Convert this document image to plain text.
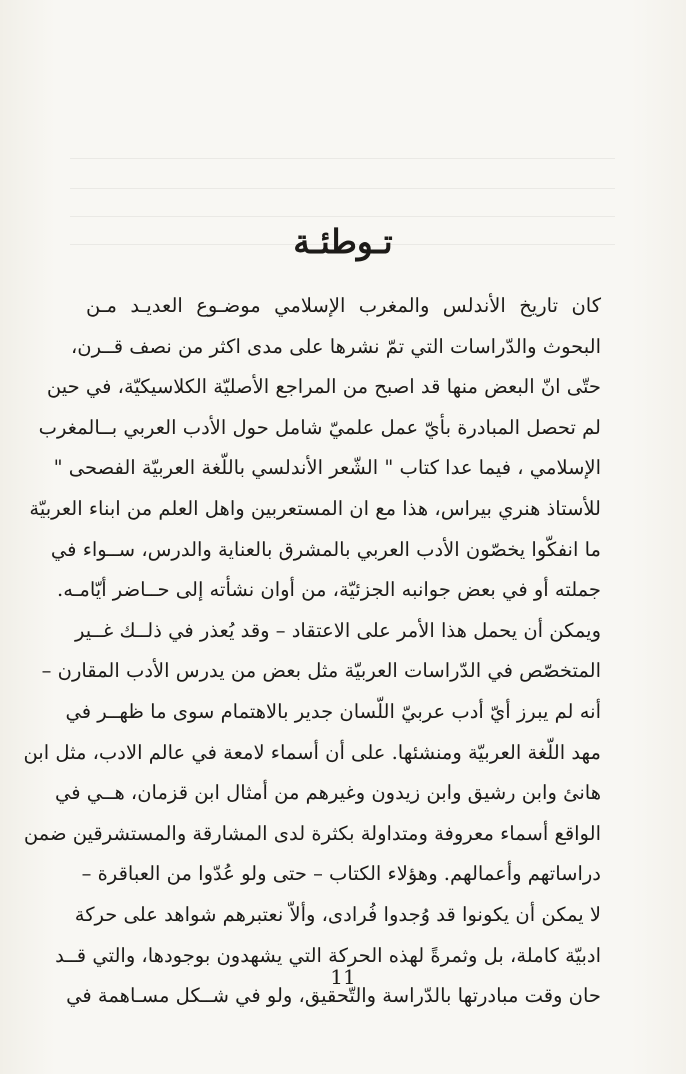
تـوطئـة
كان تاريخ الأندلس والمغرب الإسلامي موضـوع العديـد مـن
البحوث والدّراسات التي تمّ نشرها على مدى اكثر من نصف قــرن،
حتّى انّ البعض منها قد اصبح من المراجع الأصليّة الكلاسيكيّة، في حين
لم تحصل المبادرة بأيّ عمل علميّ شامل حول الأدب العربي بــالمغرب
الإسلامي ، فيما عدا كتاب " الشّعر الأندلسي باللّغة العربيّة الفصحى "
للأستاذ هنري بيراس، هذا مع ان المستعربين واهل العلم من ابناء العربيّة
ما انفكّوا يخصّون الأدب العربي بالمشرق بالعناية والدرس، ســواء في
جملته أو في بعض جوانبه الجزئيّة، من أوان نشأته إلى حــاضر أيّامـه.
ويمكن أن يحمل هذا الأمر على الاعتقاد – وقد يُعذر في ذلــك غــير
المتخصّص في الدّراسات العربيّة مثل بعض من يدرس الأدب المقارن –
أنه لم يبرز أيّ أدب عربيّ اللّسان جدير بالاهتمام سوى ما ظهــر في
مهد اللّغة العربيّة ومنشئها. على أن أسماء لامعة في عالم الادب، مثل ابن
هانئ وابن رشيق وابن زيدون وغيرهم من أمثال ابن قزمان، هــي في
الواقع أسماء معروفة ومتداولة بكثرة لدى المشارقة والمستشرقين ضمن
دراساتهم وأعمالهم. وهؤلاء الكتاب – حتى ولو عُدّوا من العباقرة –
لا يمكن أن يكونوا قد وُجدوا فُرادى، وألاّ نعتبرهم شواهد على حركة
ادبيّة كاملة، بل وثمرةً لهذه الحركة التي يشهدون بوجودها، والتي قــد
حان وقت مبادرتها بالدّراسة والتّحقيق، ولو في شــكل مسـاهمة في
11
